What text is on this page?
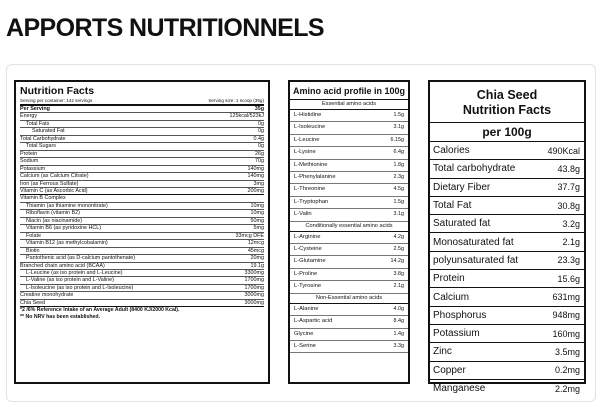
APPORTS NUTRITIONNELS
Nutrition Facts
Serving per container: 142 servings	Serving size: 1 scoop (35g)
Per Serving	35g
Energy	125kcal/523kJ
Total Fats	0g
Saturated Fat	0g
Total Carbohydrate	0.4g
Total Sugars	0g
Protein	26g
Sodium	70g
Potassium	140mg
Calcium (as Calcium Citrate)	140mg
Iron (as Ferrous Sulfate)	3mg
Vitamin C (as Ascorbic Acid)	200mg
Vitamin B Complex
Thiamin (as thiamine mononitrate)	10mg
Riboflavin (vitamin B2)	10mg
Niacin (as niacinamide)	50mg
Vitamin B6 (as pyridoxine HCL)	5mg
Folate	33mcg DFE
Vitamin B12 (as methylcobalamin)	12mcg
Biotin	45mcg
Pantothenic acid (as D-calcium pantothenate)	20mg
Branched chain amino acid (BCAA)	19.1g
L-Leucine (as iso protein and L-Leucine)	3300mg
L-Valine (as iso protein and L-Valine)	1700mg
L-Isoleucine (as iso protein and L-Isoleucine)	1700mg
Creatine monohydrate	3000mg
Chia Seed	3000mg
*2 /6% Reference Intake of an Average Adult (8400 KJ/2000 Kcal).
** No NRV has been established.
Amino acid profile in 100g
Essential amino acids
L-Histidine	1.5g
L-Isoleucine	3.1g
L-Leucine	6.15g
L-Lysine	6.4g
L-Methionine	1.8g
L-Phenylalanine	2.3g
L-Threonine	4.5g
L-Tryptophan	1.5g
L-Valin	3.1g
Conditionally essential amino acids
L-Arginine	4.2g
L-Cysteine	2.5g
L-Glutamine	14.2g
L-Proline	3.8g
L-Tyrosine	2.1g
Non-Essential amino acids
L-Alanine	4.0g
L-Aspartic acid	8.4g
Glycine	1.4g
L-Serine	3.3g
Chia Seed
Nutrition Facts
per 100g
Calories	490Kcal
Total carbohydrate	43.8g
Dietary Fiber	37.7g
Total Fat	30.8g
Saturated fat	3.2g
Monosaturated fat	2.1g
polyunsaturated fat	23.3g
Protein	15.6g
Calcium	631mg
Phosphorus	948mg
Potassium	160mg
Zinc	3.5mg
Copper	0.2mg
Manganese	2.2mg
